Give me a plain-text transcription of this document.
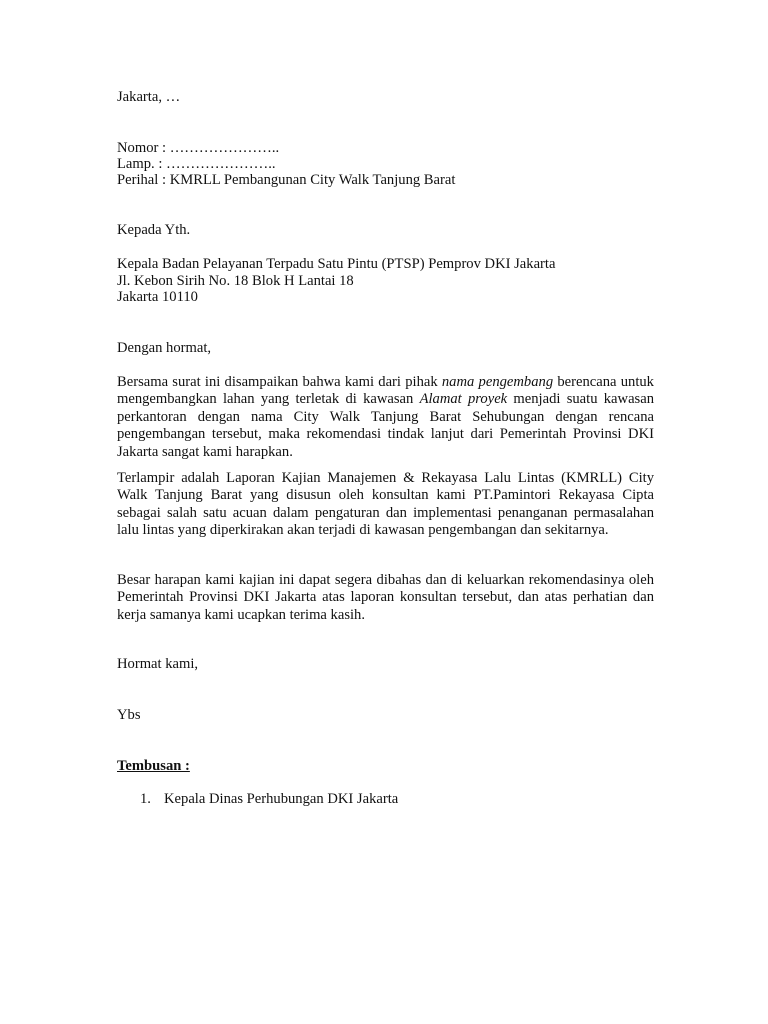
Jakarta, …
Nomor : …………………..
Lamp. : …………………..
Perihal : KMRLL Pembangunan City Walk Tanjung Barat
Kepada Yth.
Kepala Badan Pelayanan Terpadu Satu Pintu (PTSP) Pemprov DKI Jakarta
Jl. Kebon Sirih No. 18 Blok H Lantai 18
Jakarta 10110
Dengan hormat,
Bersama surat ini disampaikan bahwa kami dari pihak nama pengembang berencana untuk mengembangkan lahan yang terletak di kawasan Alamat proyek menjadi suatu kawasan perkantoran dengan nama City Walk Tanjung Barat Sehubungan dengan rencana pengembangan tersebut, maka rekomendasi tindak lanjut dari Pemerintah Provinsi DKI Jakarta sangat kami harapkan.
Terlampir adalah Laporan Kajian Manajemen & Rekayasa Lalu Lintas (KMRLL) City Walk Tanjung Barat yang disusun oleh konsultan kami PT.Pamintori Rekayasa Cipta sebagai salah satu acuan dalam pengaturan dan implementasi penanganan permasalahan lalu lintas yang diperkirakan akan terjadi di kawasan pengembangan dan sekitarnya.
Besar harapan kami kajian ini dapat segera dibahas dan di keluarkan rekomendasinya oleh Pemerintah Provinsi DKI Jakarta atas laporan konsultan tersebut, dan atas perhatian dan kerja samanya kami ucapkan terima kasih.
Hormat kami,
Ybs
Tembusan :
1. Kepala Dinas Perhubungan DKI Jakarta
